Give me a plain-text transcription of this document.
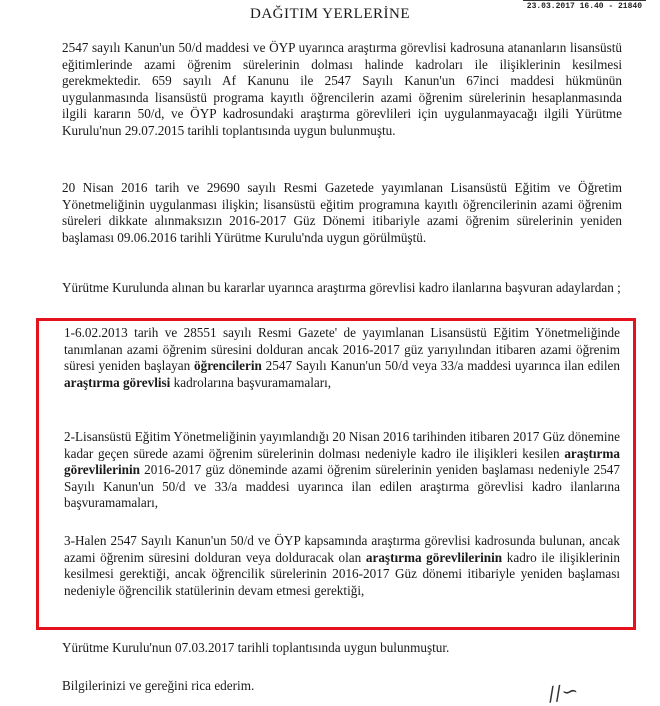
23.03.2017 16.40 - 21840
DAĞITIM YERLERİNE

2547 sayılı Kanun'un 50/d maddesi ve ÖYP uyarınca araştırma görevlisi kadrosuna atananların lisansüstü eğitimlerinde azami öğrenim sürelerinin dolması halinde kadroları ile ilişiklerinin kesilmesi gerekmektedir. 659 sayılı Af Kanunu ile 2547 Sayılı Kanun'un 67inci maddesi hükmünün uygulanmasında lisansüstü programa kayıtlı öğrencilerin azami öğrenim sürelerinin hesaplanmasında ilgili kararın 50/d, ve ÖYP kadrosundaki araştırma görevlileri için uygulanmayacağı ilgili Yürütme Kurulu'nun 29.07.2015 tarihli toplantısında uygun bulunmuştu.

20 Nisan 2016 tarih ve 29690 sayılı Resmi Gazetede yayımlanan Lisansüstü Eğitim ve Öğretim Yönetmeliğinin uygulanması ilişkin; lisansüstü eğitim programına kayıtlı öğrencilerinin azami öğrenim süreleri dikkate alınmaksızın 2016-2017 Güz Dönemi itibariyle azami öğrenim sürelerinin yeniden başlaması 09.06.2016 tarihli Yürütme Kurulu'nda uygun görülmüştü.

Yürütme Kurulunda alınan bu kararlar uyarınca araştırma görevlisi kadro ilanlarına başvuran adaylardan ;

1-6.02.2013 tarih ve 28551 sayılı Resmi Gazete' de yayımlanan Lisansüstü Eğitim Yönetmeliğinde tanımlanan azami öğrenim süresini dolduran ancak 2016-2017 güz yarıyılından itibaren azami öğrenim süresi yeniden başlayan öğrencilerin 2547 Sayılı Kanun'un 50/d veya 33/a maddesi uyarınca ilan edilen araştırma görevlisi kadrolarına başvuramamaları,

2-Lisansüstü Eğitim Yönetmeliğinin yayımlandığı 20 Nisan 2016 tarihinden itibaren 2017 Güz dönemine kadar geçen sürede azami öğrenim sürelerinin dolması nedeniyle kadro ile ilişikleri kesilen araştırma görevlilerinin 2016-2017 güz döneminde azami öğrenim sürelerinin yeniden başlaması nedeniyle 2547 Sayılı Kanun'un 50/d ve 33/a maddesi uyarınca ilan edilen araştırma görevlisi kadro ilanlarına başvuramamaları,

3-Halen 2547 Sayılı Kanun'un 50/d ve ÖYP kapsamında araştırma görevlisi kadrosunda bulunan, ancak azami öğrenim süresini dolduran veya dolduracak olan araştırma görevlilerinin kadro ile ilişiklerinin kesilmesi gerektiği, ancak öğrencilik sürelerinin 2016-2017 Güz dönemi itibariyle yeniden başlaması nedeniyle öğrencilik statülerinin devam etmesi gerektiği,

Yürütme Kurulu'nun 07.03.2017 tarihli toplantısında uygun bulunmuştur.

Bilgilerinizi ve gereğini rica ederim.	∕∕∽
